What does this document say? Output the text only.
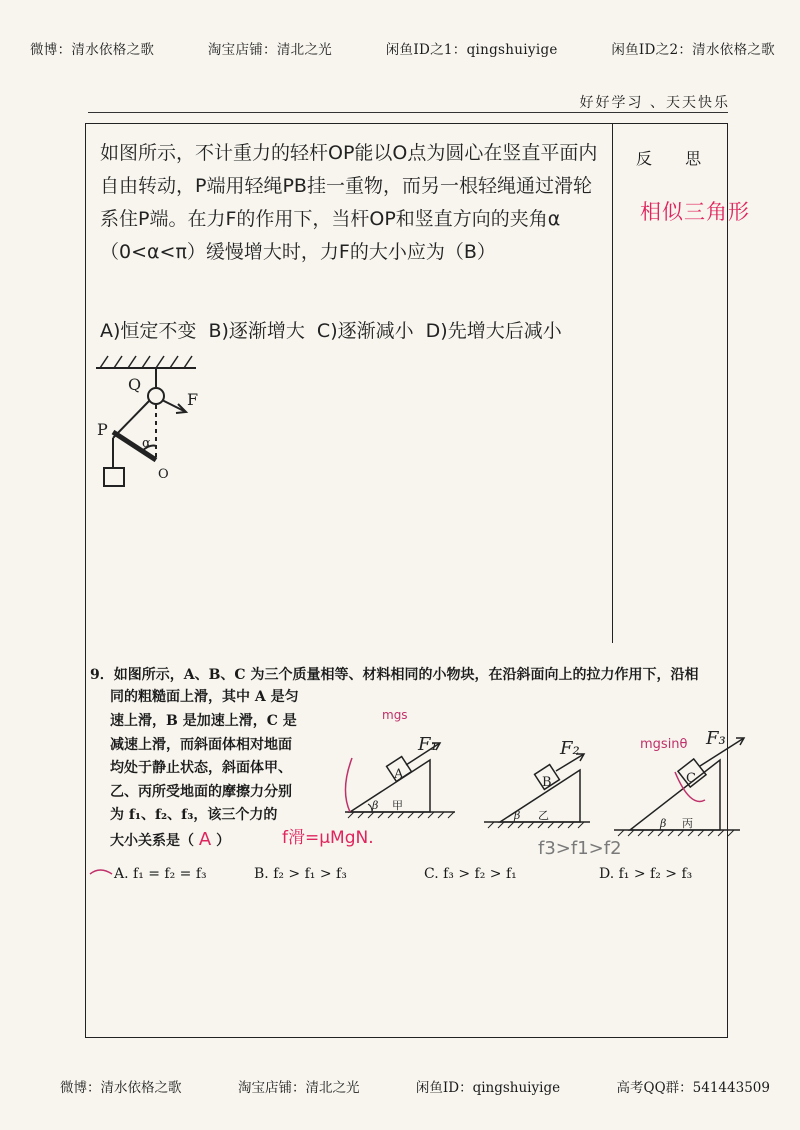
微博：清水依格之歌	淘宝店铺：清北之光	闲鱼ID之1：qingshuiyige	闲鱼ID之2：清水依格之歌
好好学习 、天天快乐
反 思
相似三角形
如图所示，不计重力的轻杆OP能以O点为圆心在竖直平面内自由转动，P端用轻绳PB挂一重物，而另一根轻绳通过滑轮系住P端。在力F的作用下，当杆OP和竖直方向的夹角α（0<α<π）缓慢增大时，力F的大小应为（B）
A)恒定不变 B)逐渐增大 C)逐渐减小 D)先增大后减小
Q
F
P
α
O
F₁	F₂	F₃
A
B	C
β 甲
β 乙
β 丙
9．如图所示，A、B、C 为三个质量相等、材料相同的小物块，在沿斜面向上的拉力作用下，沿相
同的粗糙面上滑，其中 A 是匀
速上滑，B 是加速上滑，C 是
减速上滑，而斜面体相对地面
均处于静止状态，斜面体甲、
乙、丙所受地面的摩擦力分别
为 f₁、f₂、f₃，该三个力的
大小关系是（ A ）	f滑=μMgN.
mgs
mgsinθ
f3>f1>f2
A. f₁ = f₂ = f₃	B. f₂ > f₁ > f₃	C. f₃ > f₂ > f₁	D. f₁ > f₂ > f₃
微博：清水依格之歌	淘宝店铺：清北之光	闲鱼ID：qingshuiyige	高考QQ群：541443509
